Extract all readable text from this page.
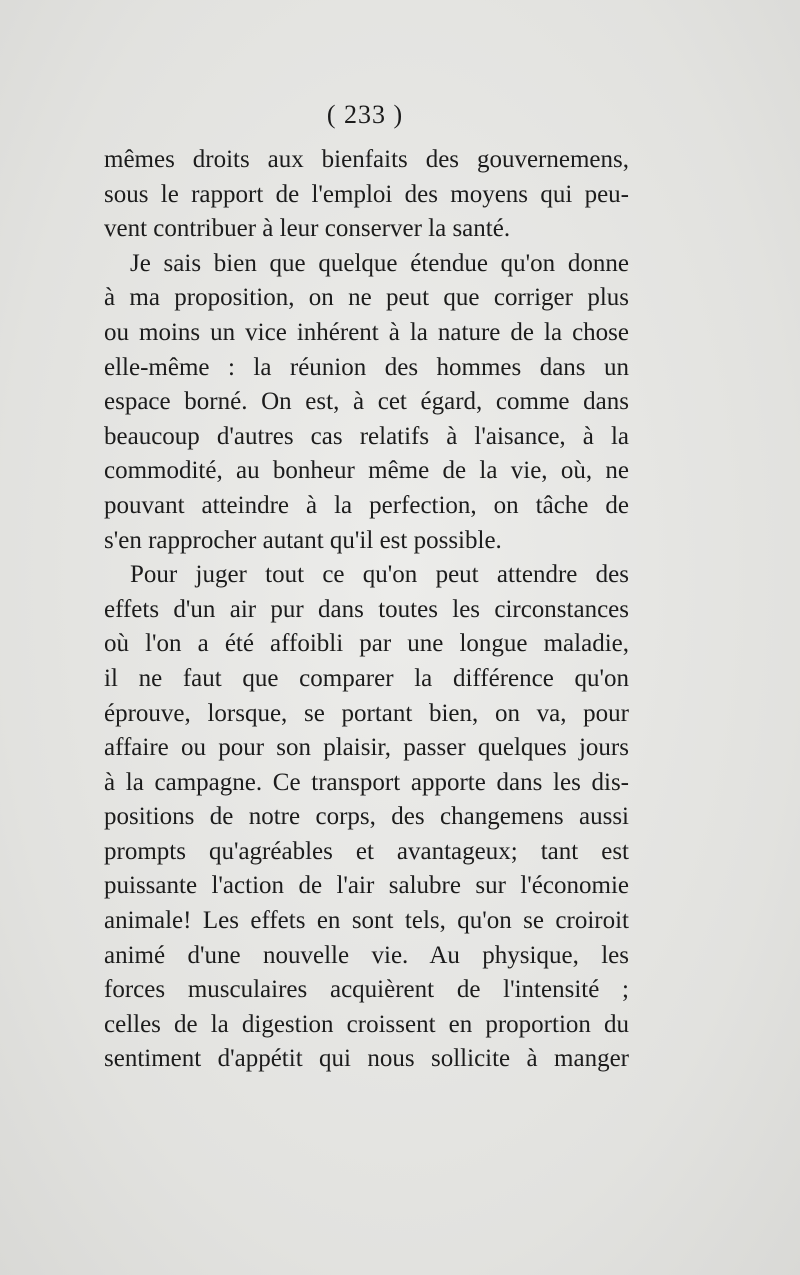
( 233 )
mêmes droits aux bienfaits des gouvernemens,
sous le rapport de l'emploi des moyens qui peu-
vent contribuer à leur conserver la santé.
Je sais bien que quelque étendue qu'on donne
à ma proposition, on ne peut que corriger plus
ou moins un vice inhérent à la nature de la chose
elle-même : la réunion des hommes dans un
espace borné. On est, à cet égard, comme dans
beaucoup d'autres cas relatifs à l'aisance, à la
commodité, au bonheur même de la vie, où, ne
pouvant atteindre à la perfection, on tâche de
s'en rapprocher autant qu'il est possible.
Pour juger tout ce qu'on peut attendre des
effets d'un air pur dans toutes les circonstances
où l'on a été affoibli par une longue maladie,
il ne faut que comparer la différence qu'on
éprouve, lorsque, se portant bien, on va, pour
affaire ou pour son plaisir, passer quelques jours
à la campagne. Ce transport apporte dans les dis-
positions de notre corps, des changemens aussi
prompts qu'agréables et avantageux; tant est
puissante l'action de l'air salubre sur l'économie
animale! Les effets en sont tels, qu'on se croiroit
animé d'une nouvelle vie. Au physique, les
forces musculaires acquièrent de l'intensité ;
celles de la digestion croissent en proportion du
sentiment d'appétit qui nous sollicite à manger
